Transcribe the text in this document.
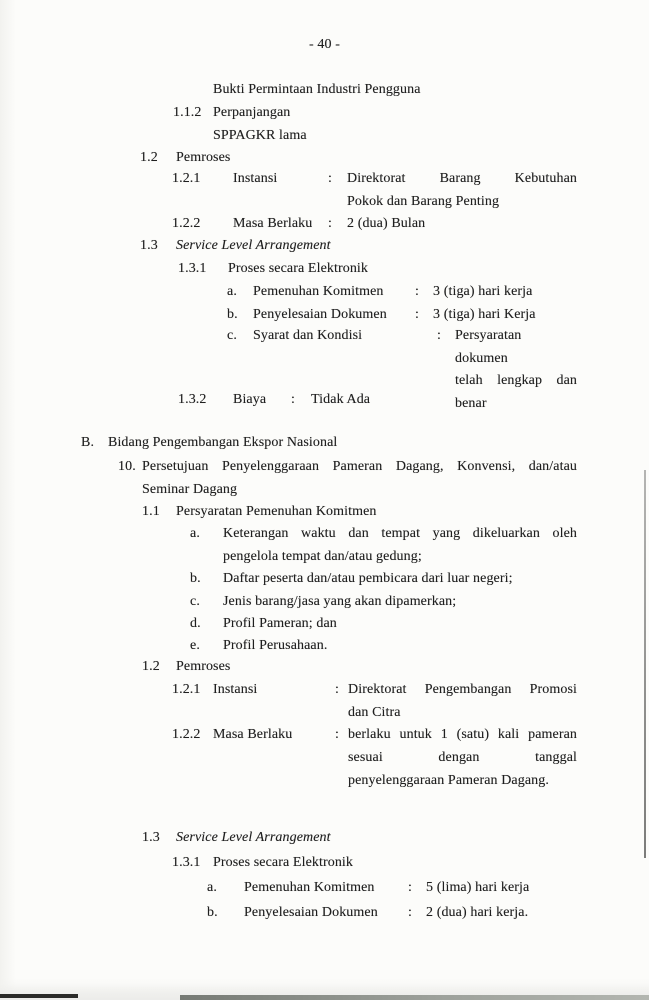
- 40 -
Bukti Permintaan Industri Pengguna
1.1.2 Perpanjangan
SPPAGKR lama
1.2 Pemroses
1.2.1 Instansi	: Direktorat Barang Kebutuhan
Pokok dan Barang Penting
1.2.2 Masa Berlaku : 2 (dua) Bulan
1.3 Service Level Arrangement
1.3.1 Proses secara Elektronik
a. Pemenuhan Komitmen : 3 (tiga) hari kerja
b. Penyelesaian Dokumen : 3 (tiga) hari Kerja
c. Syarat dan Kondisi	: Persyaratan dokumen
telah lengkap dan
benar
1.3.2 Biaya : Tidak Ada
B. Bidang Pengembangan Ekspor Nasional
10. Persetujuan Penyelenggaraan Pameran Dagang, Konvensi, dan/atau
Seminar Dagang
1.1 Persyaratan Pemenuhan Komitmen
a. Keterangan waktu dan tempat yang dikeluarkan oleh
pengelola tempat dan/atau gedung;
b. Daftar peserta dan/atau pembicara dari luar negeri;
c. Jenis barang/jasa yang akan dipamerkan;
d. Profil Pameran; dan
e. Profil Perusahaan.
1.2 Pemroses
1.2.1 Instansi	: Direktorat Pengembangan Promosi
dan Citra
1.2.2 Masa Berlaku	: berlaku untuk 1 (satu) kali pameran
sesuai dengan tanggal
penyelenggaraan Pameran Dagang.
1.3 Service Level Arrangement
1.3.1 Proses secara Elektronik
a. Pemenuhan Komitmen : 5 (lima) hari kerja
b. Penyelesaian Dokumen : 2 (dua) hari kerja.
